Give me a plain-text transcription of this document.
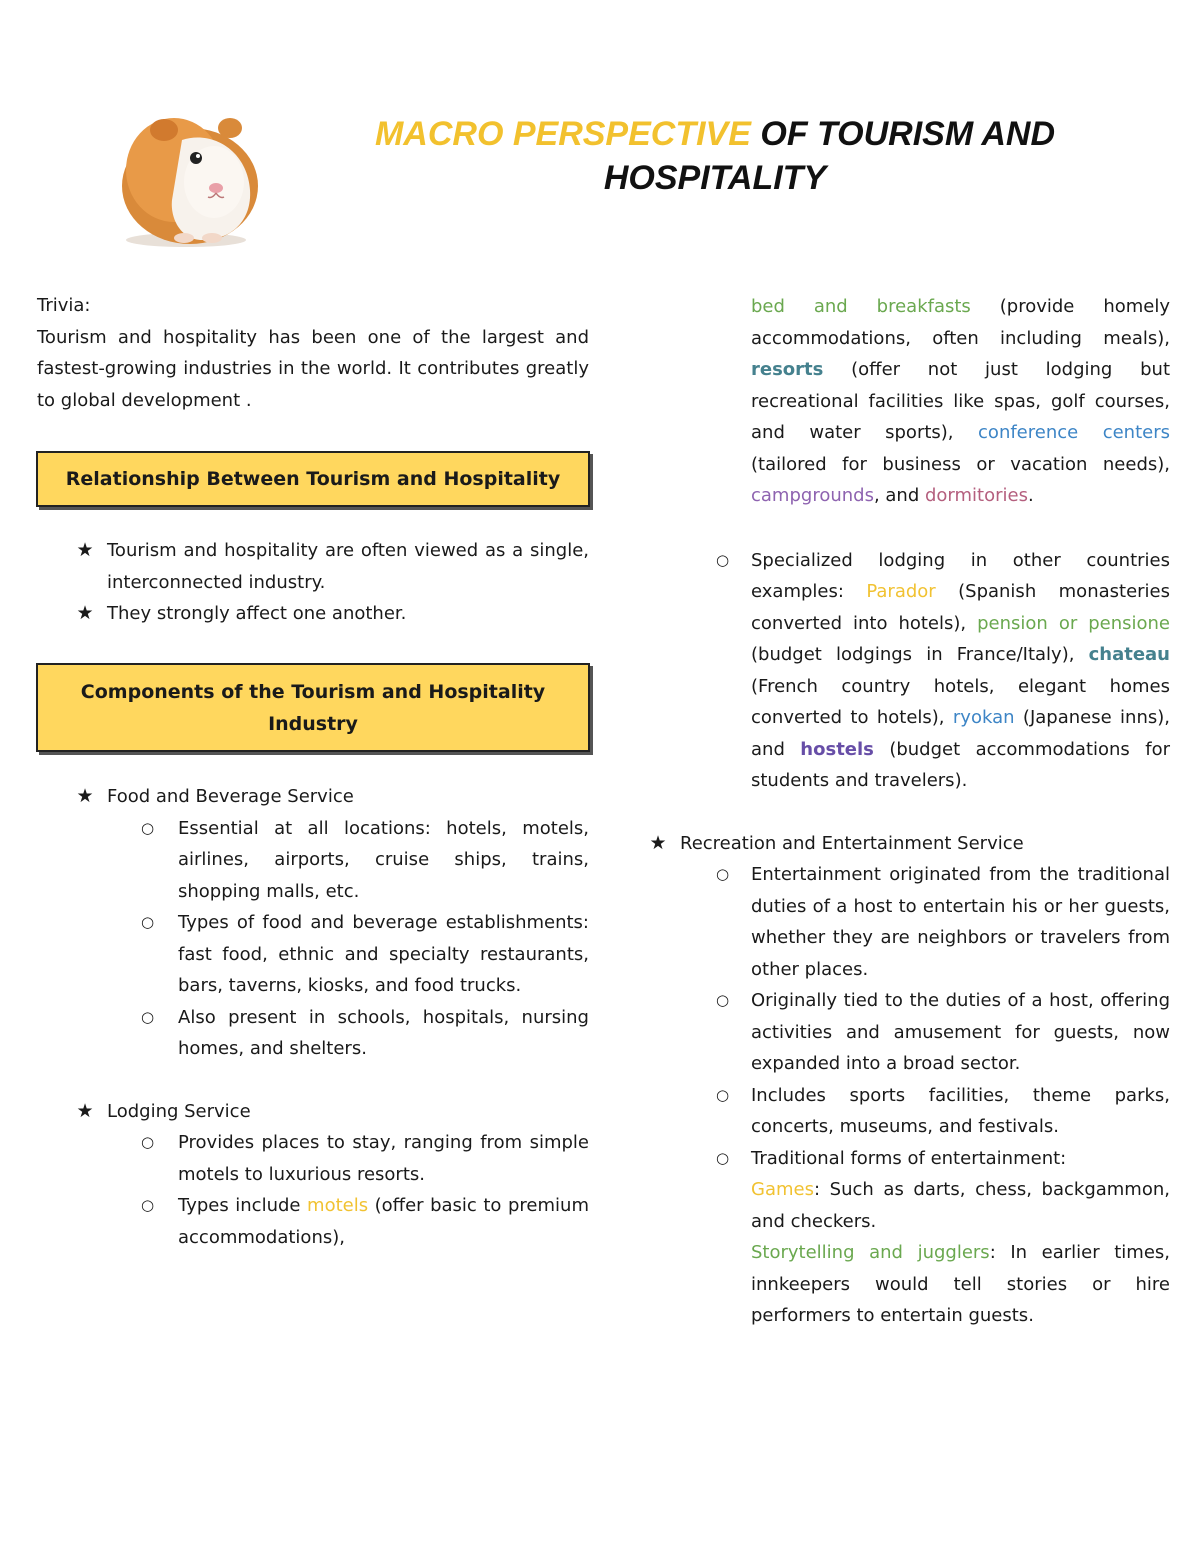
MACRO PERSPECTIVE OF TOURISM AND
HOSPITALITY

Trivia:

Tourism and hospitality has been one of the largest and fastest-growing industries in the world. It contributes greatly to global development .

Relationship Between Tourism and Hospitality
★ Tourism and hospitality are often viewed as a single, interconnected industry.
★ They strongly affect one another.
Components of the Tourism and Hospitality Industry
★ Food and Beverage Service
○ Essential at all locations: hotels, motels, airlines, airports, cruise ships, trains, shopping malls, etc.
○ Types of food and beverage establishments: fast food, ethnic and specialty restaurants, bars, taverns, kiosks, and food trucks.
○ Also present in schools, hospitals, nursing homes, and shelters.
★ Lodging Service
○ Provides places to stay, ranging from simple motels to luxurious resorts.
○ Types include motels (offer basic to premium accommodations),
bed and breakfasts (provide homely accommodations, often including meals), resorts (offer not just lodging but recreational facilities like spas, golf courses, and water sports), conference centers (tailored for business or vacation needs), campgrounds, and dormitories.
○ Specialized lodging in other countries examples: Parador (Spanish monasteries converted into hotels), pension or pensione (budget lodgings in France/Italy), chateau (French country hotels, elegant homes converted to hotels), ryokan (Japanese inns), and hostels (budget accommodations for students and travelers).
★ Recreation and Entertainment Service
○ Entertainment originated from the traditional duties of a host to entertain his or her guests, whether they are neighbors or travelers from other places.
○ Originally tied to the duties of a host, offering activities and amusement for guests, now expanded into a broad sector.
○ Includes sports facilities, theme parks, concerts, museums, and festivals.
○ Traditional forms of entertainment:
Games: Such as darts, chess, backgammon, and checkers.
Storytelling and jugglers: In earlier times, innkeepers would tell stories or hire performers to entertain guests.
